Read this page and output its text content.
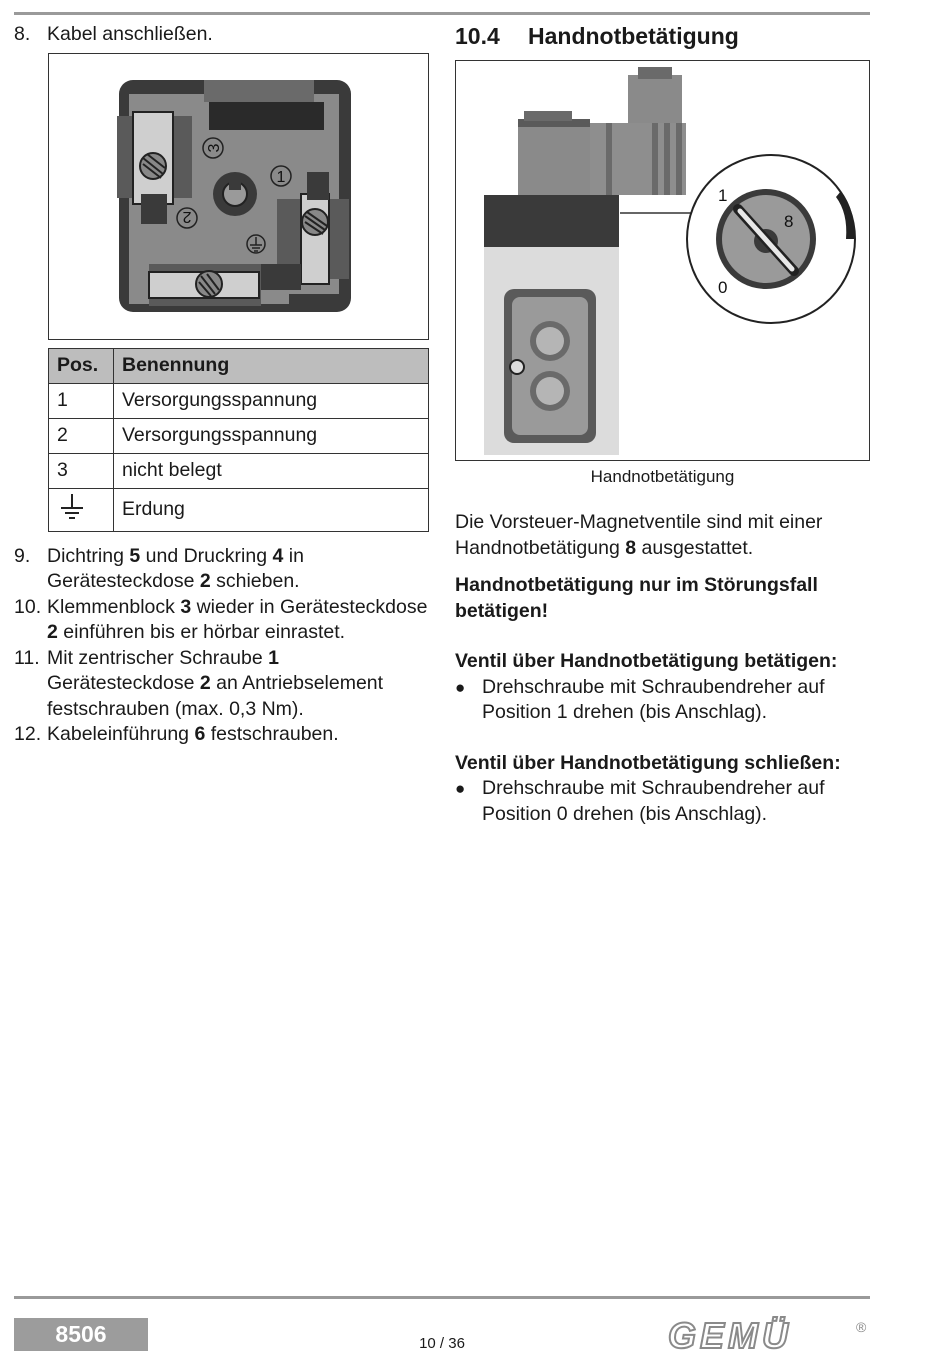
8. Kabel anschließen.
3
1
2
Pos.	Benennung
1	Versorgungsspannung
2	Versorgungsspannung
3	nicht belegt
	Erdung
9. Dichtring 5 und Druckring 4 in Gerätesteckdose 2 schieben.
10. Klemmenblock 3 wieder in Gerätesteckdose 2 einführen bis er hörbar einrastet.
11. Mit zentrischer Schraube 1 Gerätesteckdose 2 an Antriebselement festschrauben (max. 0,3 Nm).
12. Kabeleinführung 6 festschrauben.
10.4	Handnotbetätigung
1
0
8
Handnotbetätigung

Die Vorsteuer-Magnetventile sind mit einer Handnotbetätigung 8 ausgestattet.

Handnotbetätigung nur im Störungsfall betätigen!

Ventil über Handnotbetätigung betätigen:

● Drehschraube mit Schraubendreher auf Position 1 drehen (bis Anschlag).

Ventil über Handnotbetätigung schließen:

● Drehschraube mit Schraubendreher auf Position 0 drehen (bis Anschlag).
8506	10 / 36	GEMÜ	®
